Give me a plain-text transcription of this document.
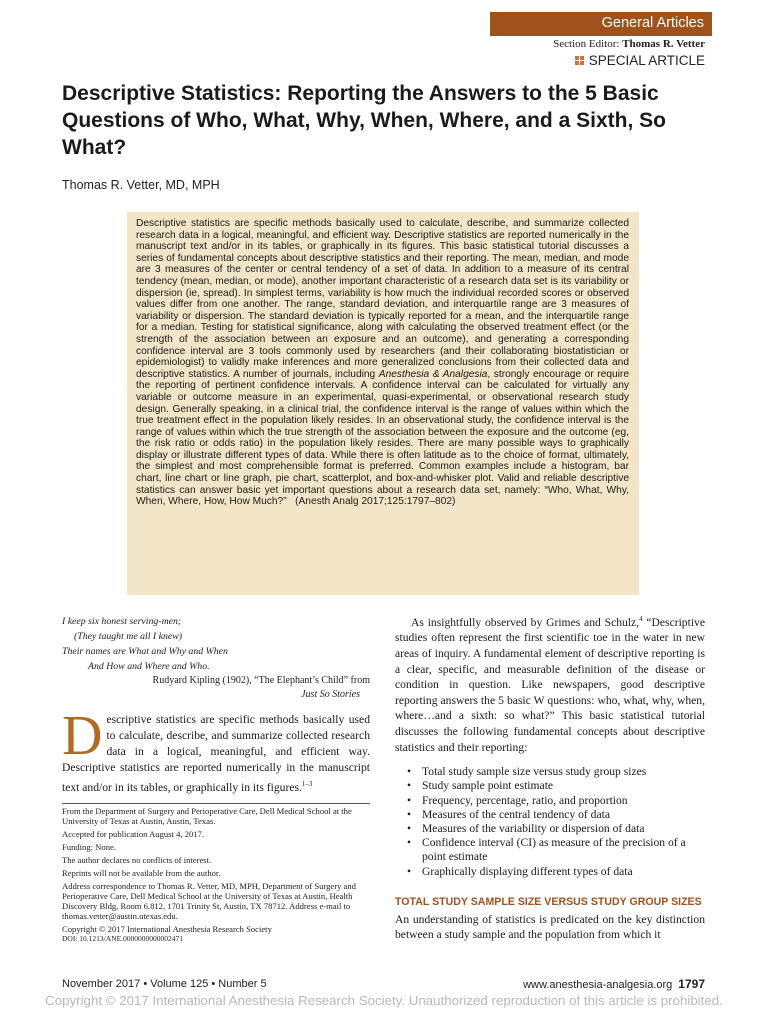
General Articles
Section Editor: Thomas R. Vetter
SPECIAL ARTICLE
Descriptive Statistics: Reporting the Answers to the 5 Basic Questions of Who, What, Why, When, Where, and a Sixth, So What?
Thomas R. Vetter, MD, MPH
Descriptive statistics are specific methods basically used to calculate, describe, and summarize collected research data in a logical, meaningful, and efficient way. Descriptive statistics are reported numerically in the manuscript text and/or in its tables, or graphically in its figures. This basic statistical tutorial discusses a series of fundamental concepts about descriptive statistics and their reporting. The mean, median, and mode are 3 measures of the center or central tendency of a set of data. In addition to a measure of its central tendency (mean, median, or mode), another important characteristic of a research data set is its variability or dispersion (ie, spread). In simplest terms, variability is how much the individual recorded scores or observed values differ from one another. The range, standard deviation, and interquartile range are 3 measures of variability or dispersion. The standard deviation is typically reported for a mean, and the interquartile range for a median. Testing for statistical significance, along with calculating the observed treatment effect (or the strength of the association between an exposure and an outcome), and generating a corresponding confidence interval are 3 tools commonly used by researchers (and their collaborating biostatistician or epidemiologist) to validly make inferences and more generalized conclusions from their collected data and descriptive statistics. A number of journals, including Anesthesia & Analgesia, strongly encourage or require the reporting of pertinent confidence intervals. A confidence interval can be calculated for virtually any variable or outcome measure in an experimental, quasi-experimental, or observational research study design. Generally speaking, in a clinical trial, the confidence interval is the range of values within which the true treatment effect in the population likely resides. In an observational study, the confidence interval is the range of values within which the true strength of the association between the exposure and the outcome (eg, the risk ratio or odds ratio) in the population likely resides. There are many possible ways to graphically display or illustrate different types of data. While there is often latitude as to the choice of format, ultimately, the simplest and most comprehensible format is preferred. Common examples include a histogram, bar chart, line chart or line graph, pie chart, scatterplot, and box-and-whisker plot. Valid and reliable descriptive statistics can answer basic yet important questions about a research data set, namely: “Who, What, Why, When, Where, How, How Much?” (Anesth Analg 2017;125:1797–802)
I keep six honest serving-men;
(They taught me all I knew)
Their names are What and Why and When
And How and Where and Who.
Rudyard Kipling (1902), “The Elephant’s Child” from
Just So Stories
Descriptive statistics are specific methods basically used to calculate, describe, and summarize collected research data in a logical, meaningful, and efficient way. Descriptive statistics are reported numerically in the manuscript text and/or in its tables, or graphically in its figures.$^{1-3}$

From the Department of Surgery and Perioperative Care, Dell Medical School at the University of Texas at Austin, Austin, Texas.

Accepted for publication August 4, 2017.

Funding: None.

The author declares no conflicts of interest.

Reprints will not be available from the author.

Address correspondence to Thomas R. Vetter, MD, MPH, Department of Surgery and Perioperative Care, Dell Medical School at the University of Texas at Austin, Health Discovery Bldg, Room 6.812, 1701 Trinity St, Austin, TX 78712. Address e-mail to thomas.vetter@austin.utexas.edu.

Copyright © 2017 International Anesthesia Research Society

DOI: 10.1213/ANE.0000000000002471

As insightfully observed by Grimes and Schulz,$^4$ “Descriptive studies often represent the first scientific toe in the water in new areas of inquiry. A fundamental element of descriptive reporting is a clear, specific, and measurable definition of the disease or condition in question. Like newspapers, good descriptive reporting answers the 5 basic W questions: who, what, why, when, where…and a sixth: so what?” This basic statistical tutorial discusses the following fundamental concepts about descriptive statistics and their reporting:

• Total study sample size versus study group sizes
• Study sample point estimate
• Frequency, percentage, ratio, and proportion
• Measures of the central tendency of data
• Measures of the variability or dispersion of data
• Confidence interval (CI) as measure of the precision of a point estimate
• Graphically displaying different types of data
TOTAL STUDY SAMPLE SIZE VERSUS STUDY GROUP SIZES

An understanding of statistics is predicated on the key distinction between a study sample and the population from which it

November 2017 • Volume 125 • Number 5	www.anesthesia-analgesia.org 1797
Copyright © 2017 International Anesthesia Research Society. Unauthorized reproduction of this article is prohibited.
